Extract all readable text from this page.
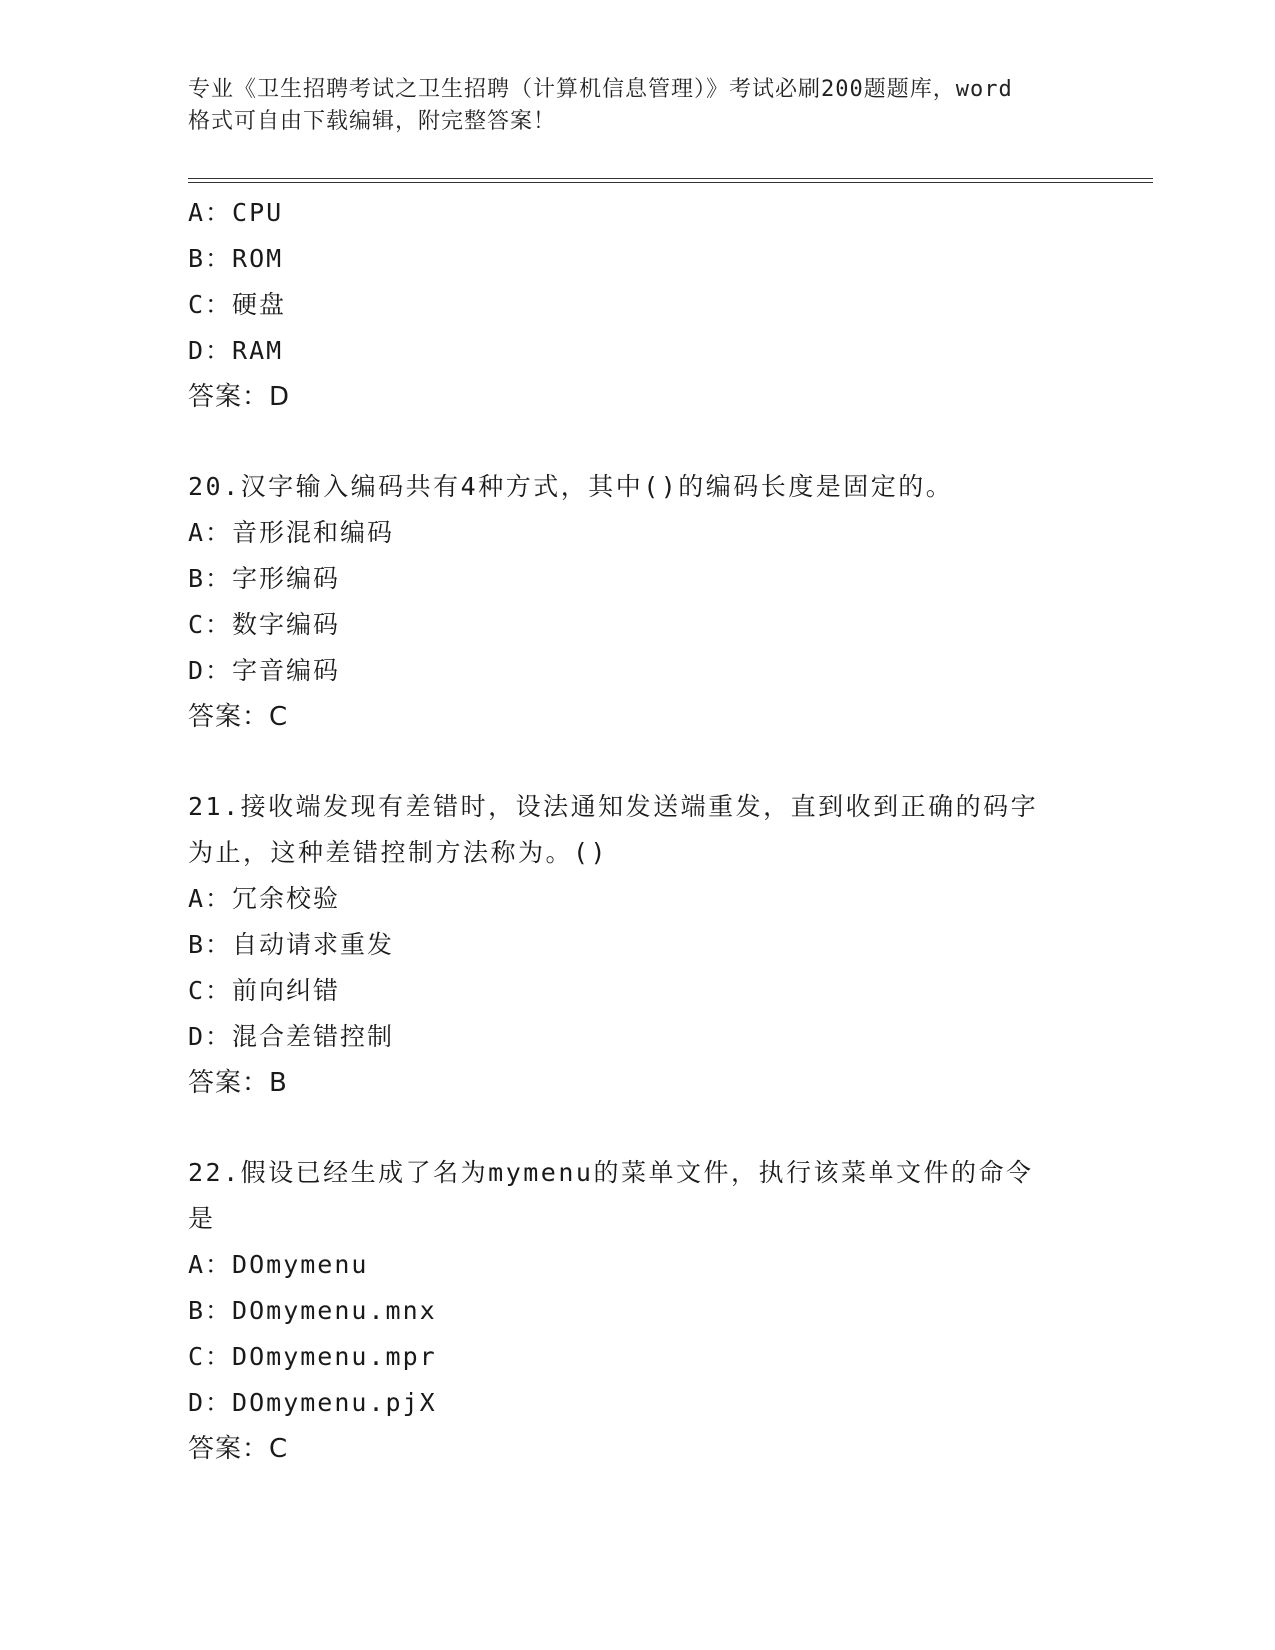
专业《卫生招聘考试之卫生招聘（计算机信息管理）》考试必刷200题题库，word
格式可自由下载编辑，附完整答案！
A：CPU
B：ROM
C：硬盘
D：RAM
答案：D
20.汉字输入编码共有4种方式，其中()的编码长度是固定的。
A：音形混和编码
B：字形编码
C：数字编码
D：字音编码
答案：C
21.接收端发现有差错时，设法通知发送端重发，直到收到正确的码字
为止，这种差错控制方法称为。()
A：冗余校验
B：自动请求重发
C：前向纠错
D：混合差错控制
答案：B
22.假设已经生成了名为mymenu的菜单文件，执行该菜单文件的命令
是
A：DOmymenu
B：DOmymenu.mnx
C：DOmymenu.mpr
D：DOmymenu.pjX
答案：C
